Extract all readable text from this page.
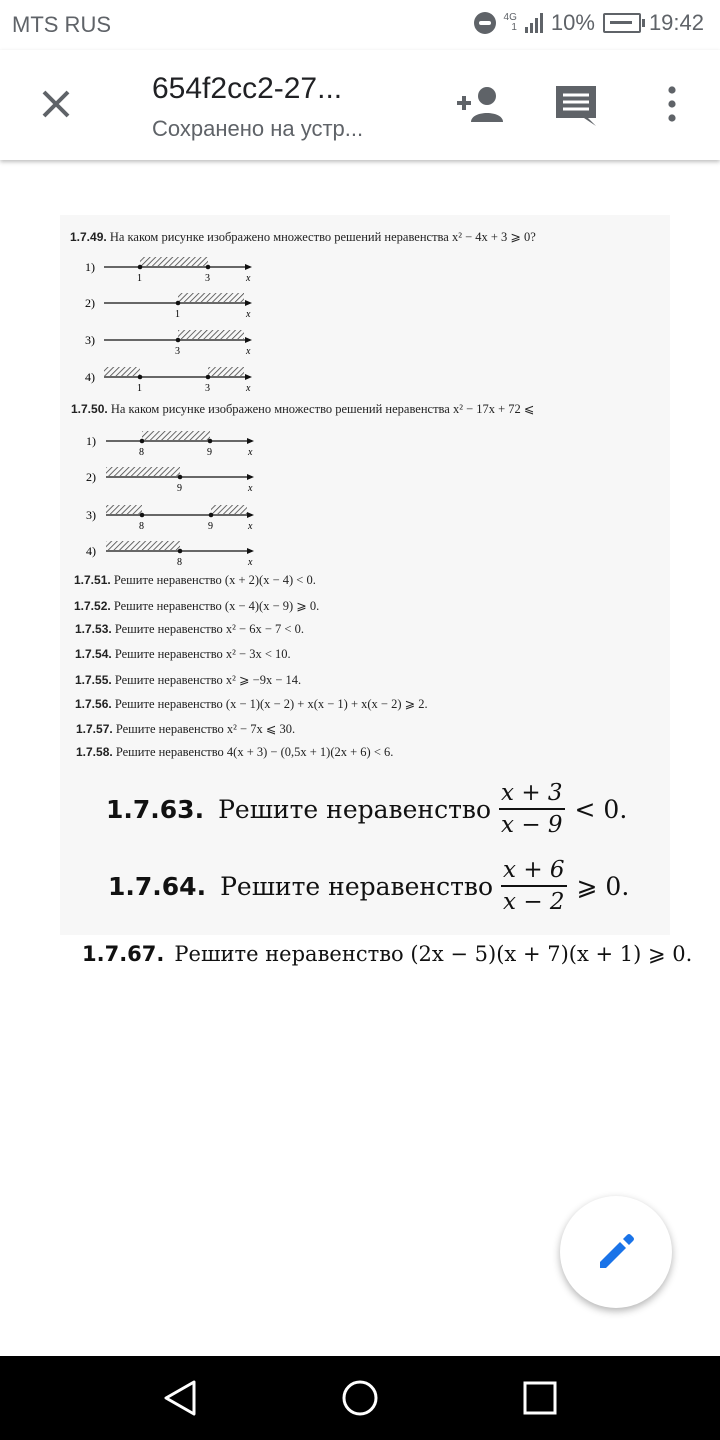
MTS RUS	4G
1 10% 19:42
654f2cc2-27...
Сохранено на устр...
1.7.49. На каком рисунке изображено множество решений неравенства x² − 4x + 3 ⩾ 0?
1)
1	3	x
2)
1	x
3)
3	x
4)
1	3	x
1.7.50. На каком рисунке изображено множество решений неравенства x² − 17x + 72 ⩽
1)
8	9	x
2)
9	x
3)
8	9	x
4)
8	x
1.7.51. Решите неравенство (x + 2)(x − 4) < 0.
1.7.52. Решите неравенство (x − 4)(x − 9) ⩾ 0.
1.7.53. Решите неравенство x² − 6x − 7 < 0.
1.7.54. Решите неравенство x² − 3x < 10.
1.7.55. Решите неравенство x² ⩾ −9x − 14.
1.7.56. Решите неравенство (x − 1)(x − 2) + x(x − 1) + x(x − 2) ⩾ 2.
1.7.57. Решите неравенство x² − 7x ⩽ 30.
1.7.58. Решите неравенство 4(x + 3) − (0,5x + 1)(2x + 6) < 6.
1.7.63. Решите неравенство $\frac{x + 3}{x - 9} < 0$.
1.7.64. Решите неравенство $\frac{x + 6}{x - 2}$ ⩾ 0.
1.7.67. Решите неравенство (2x − 5)(x + 7)(x + 1) ⩾ 0.
